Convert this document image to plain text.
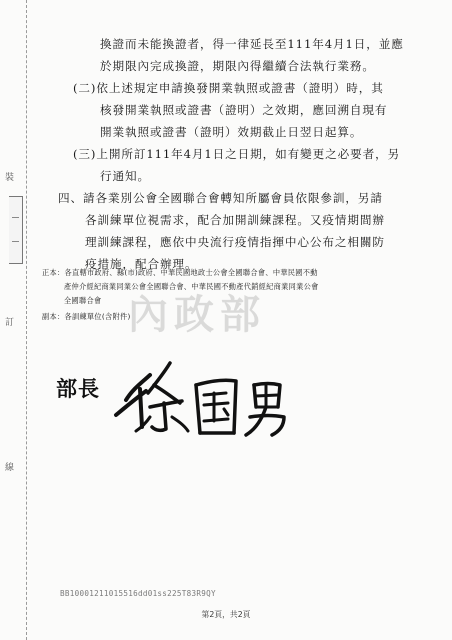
裝
訂
線
換證而未能換證者，得一律延長至111年4月1日，並應
於期限內完成換證，期限內得繼續合法執行業務。
(二)依上述規定申請換發開業執照或證書（證明）時，其
核發開業執照或證書（證明）之效期，應回溯自現有
開業執照或證書（證明）效期截止日翌日起算。
(三)上開所訂111年4月1日之日期，如有變更之必要者，另
行通知。
四、請各業別公會全國聯合會轉知所屬會員依限參訓，另請
各訓練單位視需求，配合加開訓練課程。又疫情期間辦
理訓練課程，應依中央流行疫情指揮中心公布之相關防
疫措施，配合辦理。
正本：各直轄市政府、縣(市)政府、中華民國地政士公會全國聯合會、中華民國不動
產仲介經紀商業同業公會全國聯合會、中華民國不動產代銷經紀商業同業公會
全國聯合會
副本：各訓練單位(含附件)
內政部
部長
BB10001211015516dd01ss225T83R9QY
第2頁，共2頁
